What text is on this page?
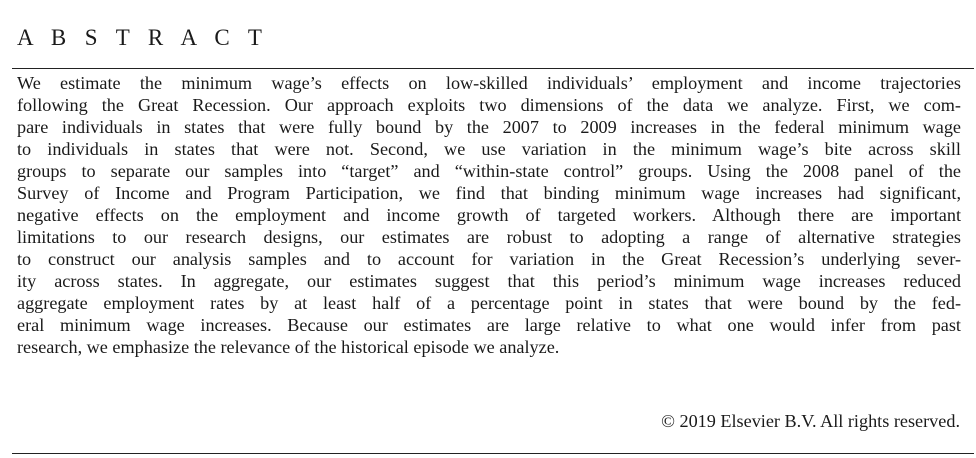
A B S T R A C T
We estimate the minimum wage’s effects on low-skilled individuals’ employment and income trajectories
following the Great Recession. Our approach exploits two dimensions of the data we analyze. First, we com-
pare individuals in states that were fully bound by the 2007 to 2009 increases in the federal minimum wage
to individuals in states that were not. Second, we use variation in the minimum wage’s bite across skill
groups to separate our samples into “target” and “within-state control” groups. Using the 2008 panel of the
Survey of Income and Program Participation, we find that binding minimum wage increases had significant,
negative effects on the employment and income growth of targeted workers. Although there are important
limitations to our research designs, our estimates are robust to adopting a range of alternative strategies
to construct our analysis samples and to account for variation in the Great Recession’s underlying sever-
ity across states. In aggregate, our estimates suggest that this period’s minimum wage increases reduced
aggregate employment rates by at least half of a percentage point in states that were bound by the fed-
eral minimum wage increases. Because our estimates are large relative to what one would infer from past
research, we emphasize the relevance of the historical episode we analyze.
© 2019 Elsevier B.V. All rights reserved.
